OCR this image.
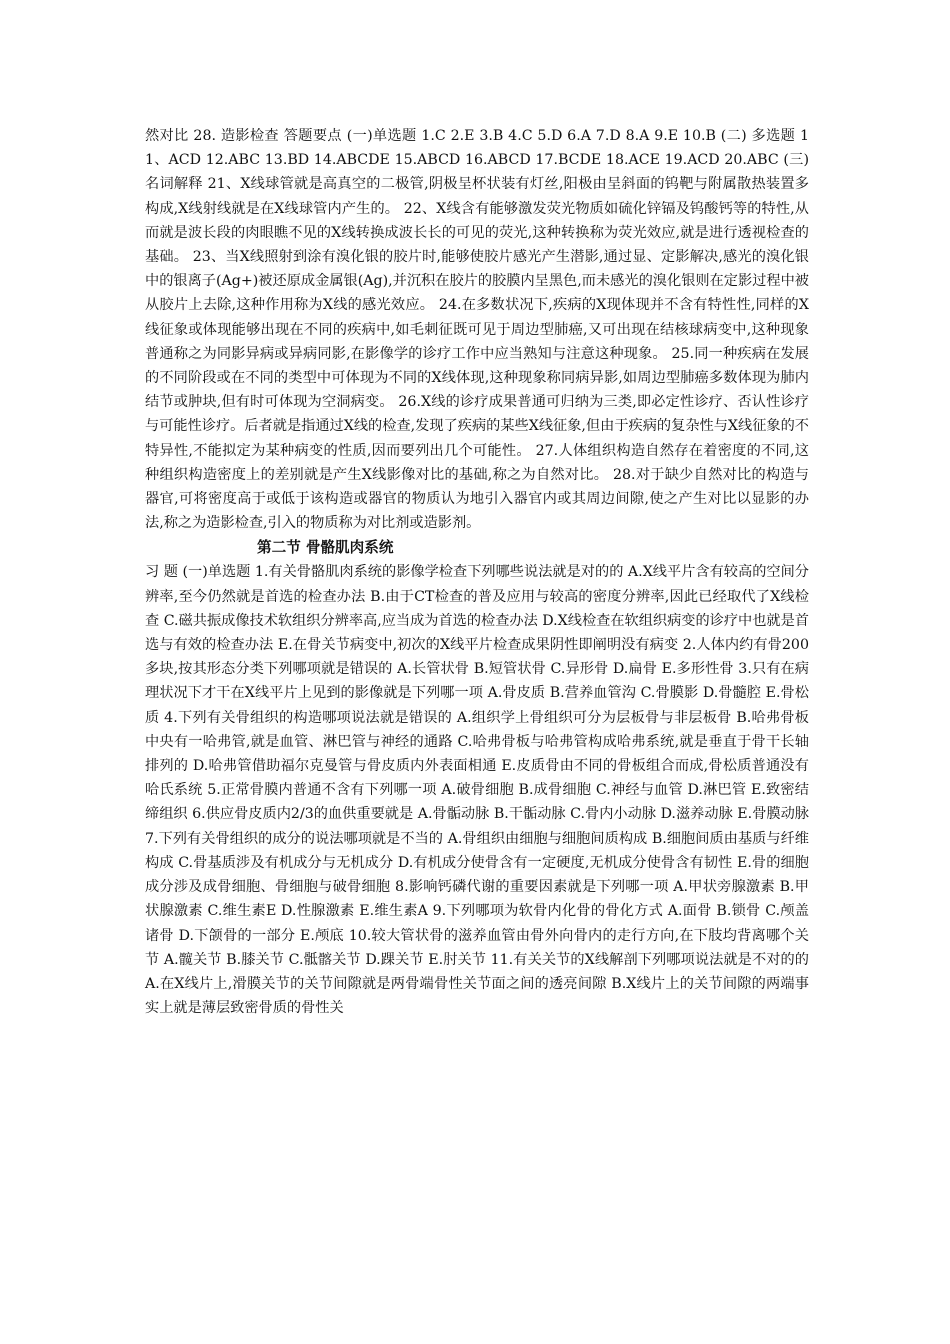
然对比 28. 造影检查 答题要点 (一)单选题 1.C 2.E 3.B 4.C 5.D 6.A 7.D 8.A 9.E 10.B (二) 多选题 11、ACD 12.ABC 13.BD 14.ABCDE 15.ABCD 16.ABCD 17.BCDE 18.ACE 19.ACD 20.ABC (三) 名词解释 21、X线球管就是高真空的二极管,阴极呈杯状装有灯丝,阳极由呈斜面的钨靶与附属散热装置多构成,X线射线就是在X线球管内产生的。 22、X线含有能够激发荧光物质如硫化锌镉及钨酸钙等的特性,从而就是波长段的肉眼瞧不见的X线转换成波长长的可见的荧光,这种转换称为荧光效应,就是进行透视检查的基础。 23、当X线照射到涂有溴化银的胶片时,能够使胶片感光产生潜影,通过显、定影解决,感光的溴化银中的银离子(Ag+)被还原成金属银(Ag),并沉积在胶片的胶膜内呈黑色,而未感光的溴化银则在定影过程中被从胶片上去除,这种作用称为X线的感光效应。 24.在多数状况下,疾病的X现体现并不含有特性性,同样的X线征象或体现能够出现在不同的疾病中,如毛刺征既可见于周边型肺癌,又可出现在结核球病变中,这种现象普通称之为同影异病或异病同影,在影像学的诊疗工作中应当熟知与注意这种现象。 25.同一种疾病在发展的不同阶段或在不同的类型中可体现为不同的X线体现,这种现象称同病异影,如周边型肺癌多数体现为肺内结节或肿块,但有时可体现为空洞病变。 26.X线的诊疗成果普通可归纳为三类,即必定性诊疗、否认性诊疗与可能性诊疗。后者就是指通过X线的检查,发现了疾病的某些X线征象,但由于疾病的复杂性与X线征象的不特异性,不能拟定为某种病变的性质,因而要列出几个可能性。 27.人体组织构造自然存在着密度的不同,这种组织构造密度上的差别就是产生X线影像对比的基础,称之为自然对比。 28.对于缺少自然对比的构造与器官,可将密度高于或低于该构造或器官的物质认为地引入器官内或其周边间隙,使之产生对比以显影的办法,称之为造影检查,引入的物质称为对比剂或造影剂。

第二节 骨骼肌肉系统

习 题 (一)单选题 1.有关骨骼肌肉系统的影像学检查下列哪些说法就是对的的 A.X线平片含有较高的空间分辨率,至今仍然就是首选的检查办法 B.由于CT检查的普及应用与较高的密度分辨率,因此已经取代了X线检查 C.磁共振成像技术软组织分辨率高,应当成为首选的检查办法 D.X线检查在软组织病变的诊疗中也就是首选与有效的检查办法 E.在骨关节病变中,初次的X线平片检查成果阴性即阐明没有病变 2.人体内约有骨200多块,按其形态分类下列哪项就是错误的 A.长管状骨 B.短管状骨 C.异形骨 D.扁骨 E.多形性骨 3.只有在病理状况下才干在X线平片上见到的影像就是下列哪一项 A.骨皮质 B.营养血管沟 C.骨膜影 D.骨髓腔 E.骨松质 4.下列有关骨组织的构造哪项说法就是错误的 A.组织学上骨组织可分为层板骨与非层板骨 B.哈弗骨板中央有一哈弗管,就是血管、淋巴管与神经的通路 C.哈弗骨板与哈弗管构成哈弗系统,就是垂直于骨干长轴排列的 D.哈弗管借助福尔克曼管与骨皮质内外表面相通 E.皮质骨由不同的骨板组合而成,骨松质普通没有哈氏系统 5.正常骨膜内普通不含有下列哪一项 A.破骨细胞 B.成骨细胞 C.神经与血管 D.淋巴管 E.致密结缔组织 6.供应骨皮质内2/3的血供重要就是 A.骨骺动脉 B.干骺动脉 C.骨内小动脉 D.滋养动脉 E.骨膜动脉 7.下列有关骨组织的成分的说法哪项就是不当的 A.骨组织由细胞与细胞间质构成 B.细胞间质由基质与纤维构成 C.骨基质涉及有机成分与无机成分 D.有机成分使骨含有一定硬度,无机成分使骨含有韧性 E.骨的细胞成分涉及成骨细胞、骨细胞与破骨细胞 8.影响钙磷代谢的重要因素就是下列哪一项 A.甲状旁腺激素 B.甲状腺激素 C.维生素E D.性腺激素 E.维生素A 9.下列哪项为软骨内化骨的骨化方式 A.面骨 B.锁骨 C.颅盖诸骨 D.下颌骨的一部分 E.颅底 10.较大管状骨的滋养血管由骨外向骨内的走行方向,在下肢均背离哪个关节 A.髋关节 B.膝关节 C.骶髂关节 D.踝关节 E.肘关节 11.有关关节的X线解剖下列哪项说法就是不对的的 A.在X线片上,滑膜关节的关节间隙就是两骨端骨性关节面之间的透亮间隙 B.X线片上的关节间隙的两端事实上就是薄层致密骨质的骨性关
